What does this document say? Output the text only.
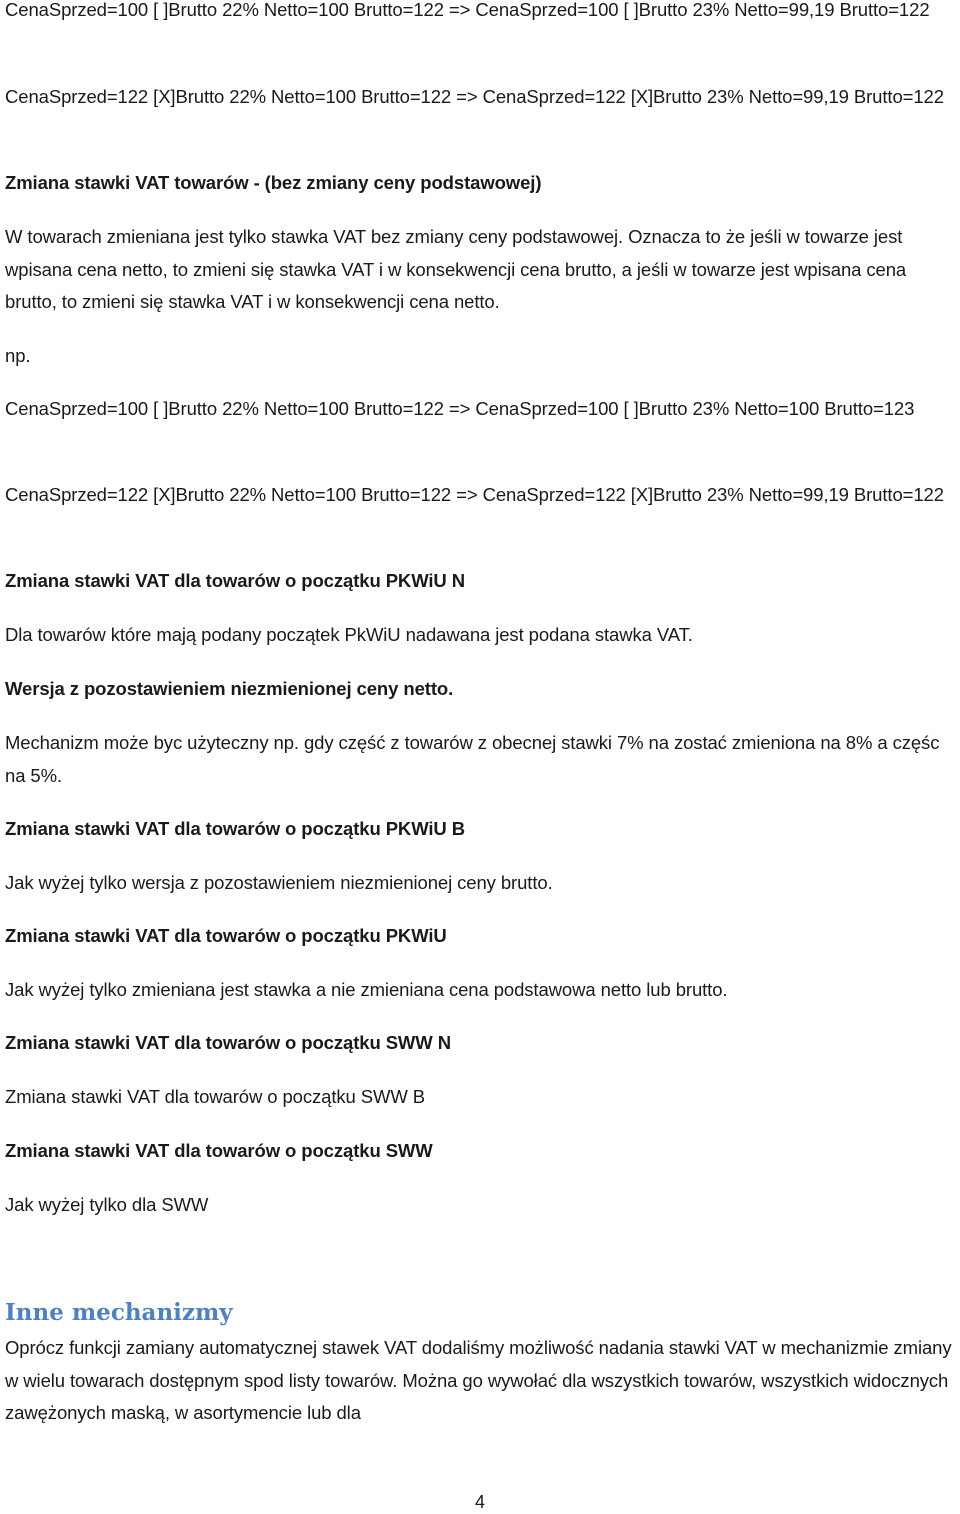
CenaSprzed=100 [ ]Brutto 22% Netto=100 Brutto=122 => CenaSprzed=100 [ ]Brutto 23% Netto=99,19 Brutto=122

CenaSprzed=122 [X]Brutto 22% Netto=100 Brutto=122 => CenaSprzed=122 [X]Brutto 23% Netto=99,19 Brutto=122

Zmiana stawki VAT towarów - (bez zmiany ceny podstawowej)

W towarach zmieniana jest tylko stawka VAT bez zmiany ceny podstawowej. Oznacza to że jeśli w towarze jest wpisana cena netto, to zmieni się stawka VAT i w konsekwencji cena brutto, a jeśli w towarze jest wpisana cena brutto, to zmieni się stawka VAT i w konsekwencji cena netto.

np.

CenaSprzed=100 [ ]Brutto 22% Netto=100 Brutto=122 => CenaSprzed=100 [ ]Brutto 23% Netto=100 Brutto=123

CenaSprzed=122 [X]Brutto 22% Netto=100 Brutto=122 => CenaSprzed=122 [X]Brutto 23% Netto=99,19 Brutto=122

Zmiana stawki VAT dla towarów o początku PKWiU N

Dla towarów które mają podany początek PkWiU nadawana jest podana stawka VAT.

Wersja z pozostawieniem niezmienionej ceny netto.

Mechanizm może byc użyteczny np. gdy część z towarów z obecnej stawki 7% na zostać zmieniona na 8% a częśc na 5%.

Zmiana stawki VAT dla towarów o początku PKWiU B

Jak wyżej tylko wersja z pozostawieniem niezmienionej ceny brutto.

Zmiana stawki VAT dla towarów o początku PKWiU

Jak wyżej tylko zmieniana jest stawka a nie zmieniana cena podstawowa netto lub brutto.

Zmiana stawki VAT dla towarów o początku SWW N

Zmiana stawki VAT dla towarów o początku SWW B

Zmiana stawki VAT dla towarów o początku SWW

Jak wyżej tylko dla SWW

Inne mechanizmy

Oprócz funkcji zamiany automatycznej stawek VAT dodaliśmy możliwość nadania stawki VAT w mechanizmie zmiany w wielu towarach dostępnym spod listy towarów. Można go wywołać dla wszystkich towarów, wszystkich widocznych zawężonych maską, w asortymencie lub dla

4
